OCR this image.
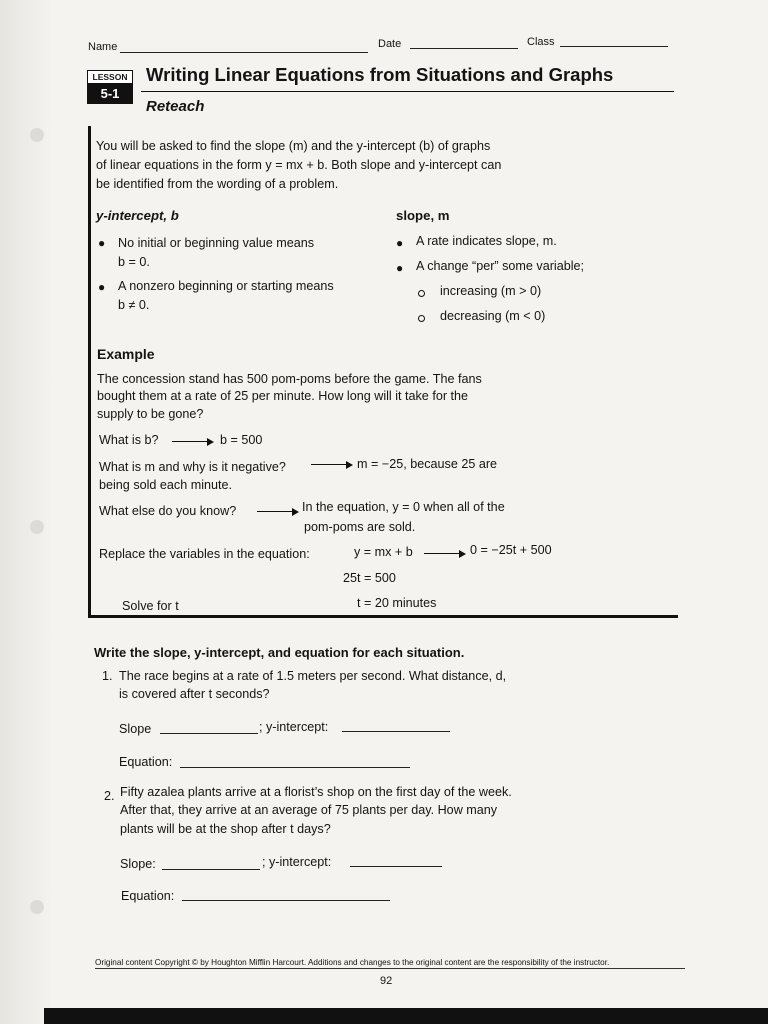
Name	Date	Class
LESSON
5-1
Writing Linear Equations from Situations and Graphs
Reteach
You will be asked to find the slope (m) and the y-intercept (b) of graphs
of linear equations in the form y = mx + b. Both slope and y-intercept can
be identified from the wording of a problem.
y-intercept, b
● No initial or beginning value means
b = 0.
● A nonzero beginning or starting means
b ≠ 0.
slope, m
● A rate indicates slope, m.
● A change “per” some variable;
increasing (m > 0)
decreasing (m < 0)
Example
The concession stand has 500 pom-poms before the game. The fans
bought them at a rate of 25 per minute. How long will it take for the
supply to be gone?
What is b?	b = 500
What is m and why is it negative?	m = −25, because 25 are
being sold each minute.
What else do you know?	In the equation, y = 0 when all of the
pom-poms are sold.
Replace the variables in the equation:	y = mx + b	0 = −25t + 500
25t = 500
Solve for t	t = 20 minutes
Write the slope, y-intercept, and equation for each situation.
1. The race begins at a rate of 1.5 meters per second. What distance, d,
is covered after t seconds?
Slope	; y-intercept:
Equation:
2. Fifty azalea plants arrive at a florist’s shop on the first day of the week.
After that, they arrive at an average of 75 plants per day. How many
plants will be at the shop after t days?
Slope:	; y-intercept:
Equation:
Original content Copyright © by Houghton Mifflin Harcourt. Additions and changes to the original content are the responsibility of the instructor.
92
